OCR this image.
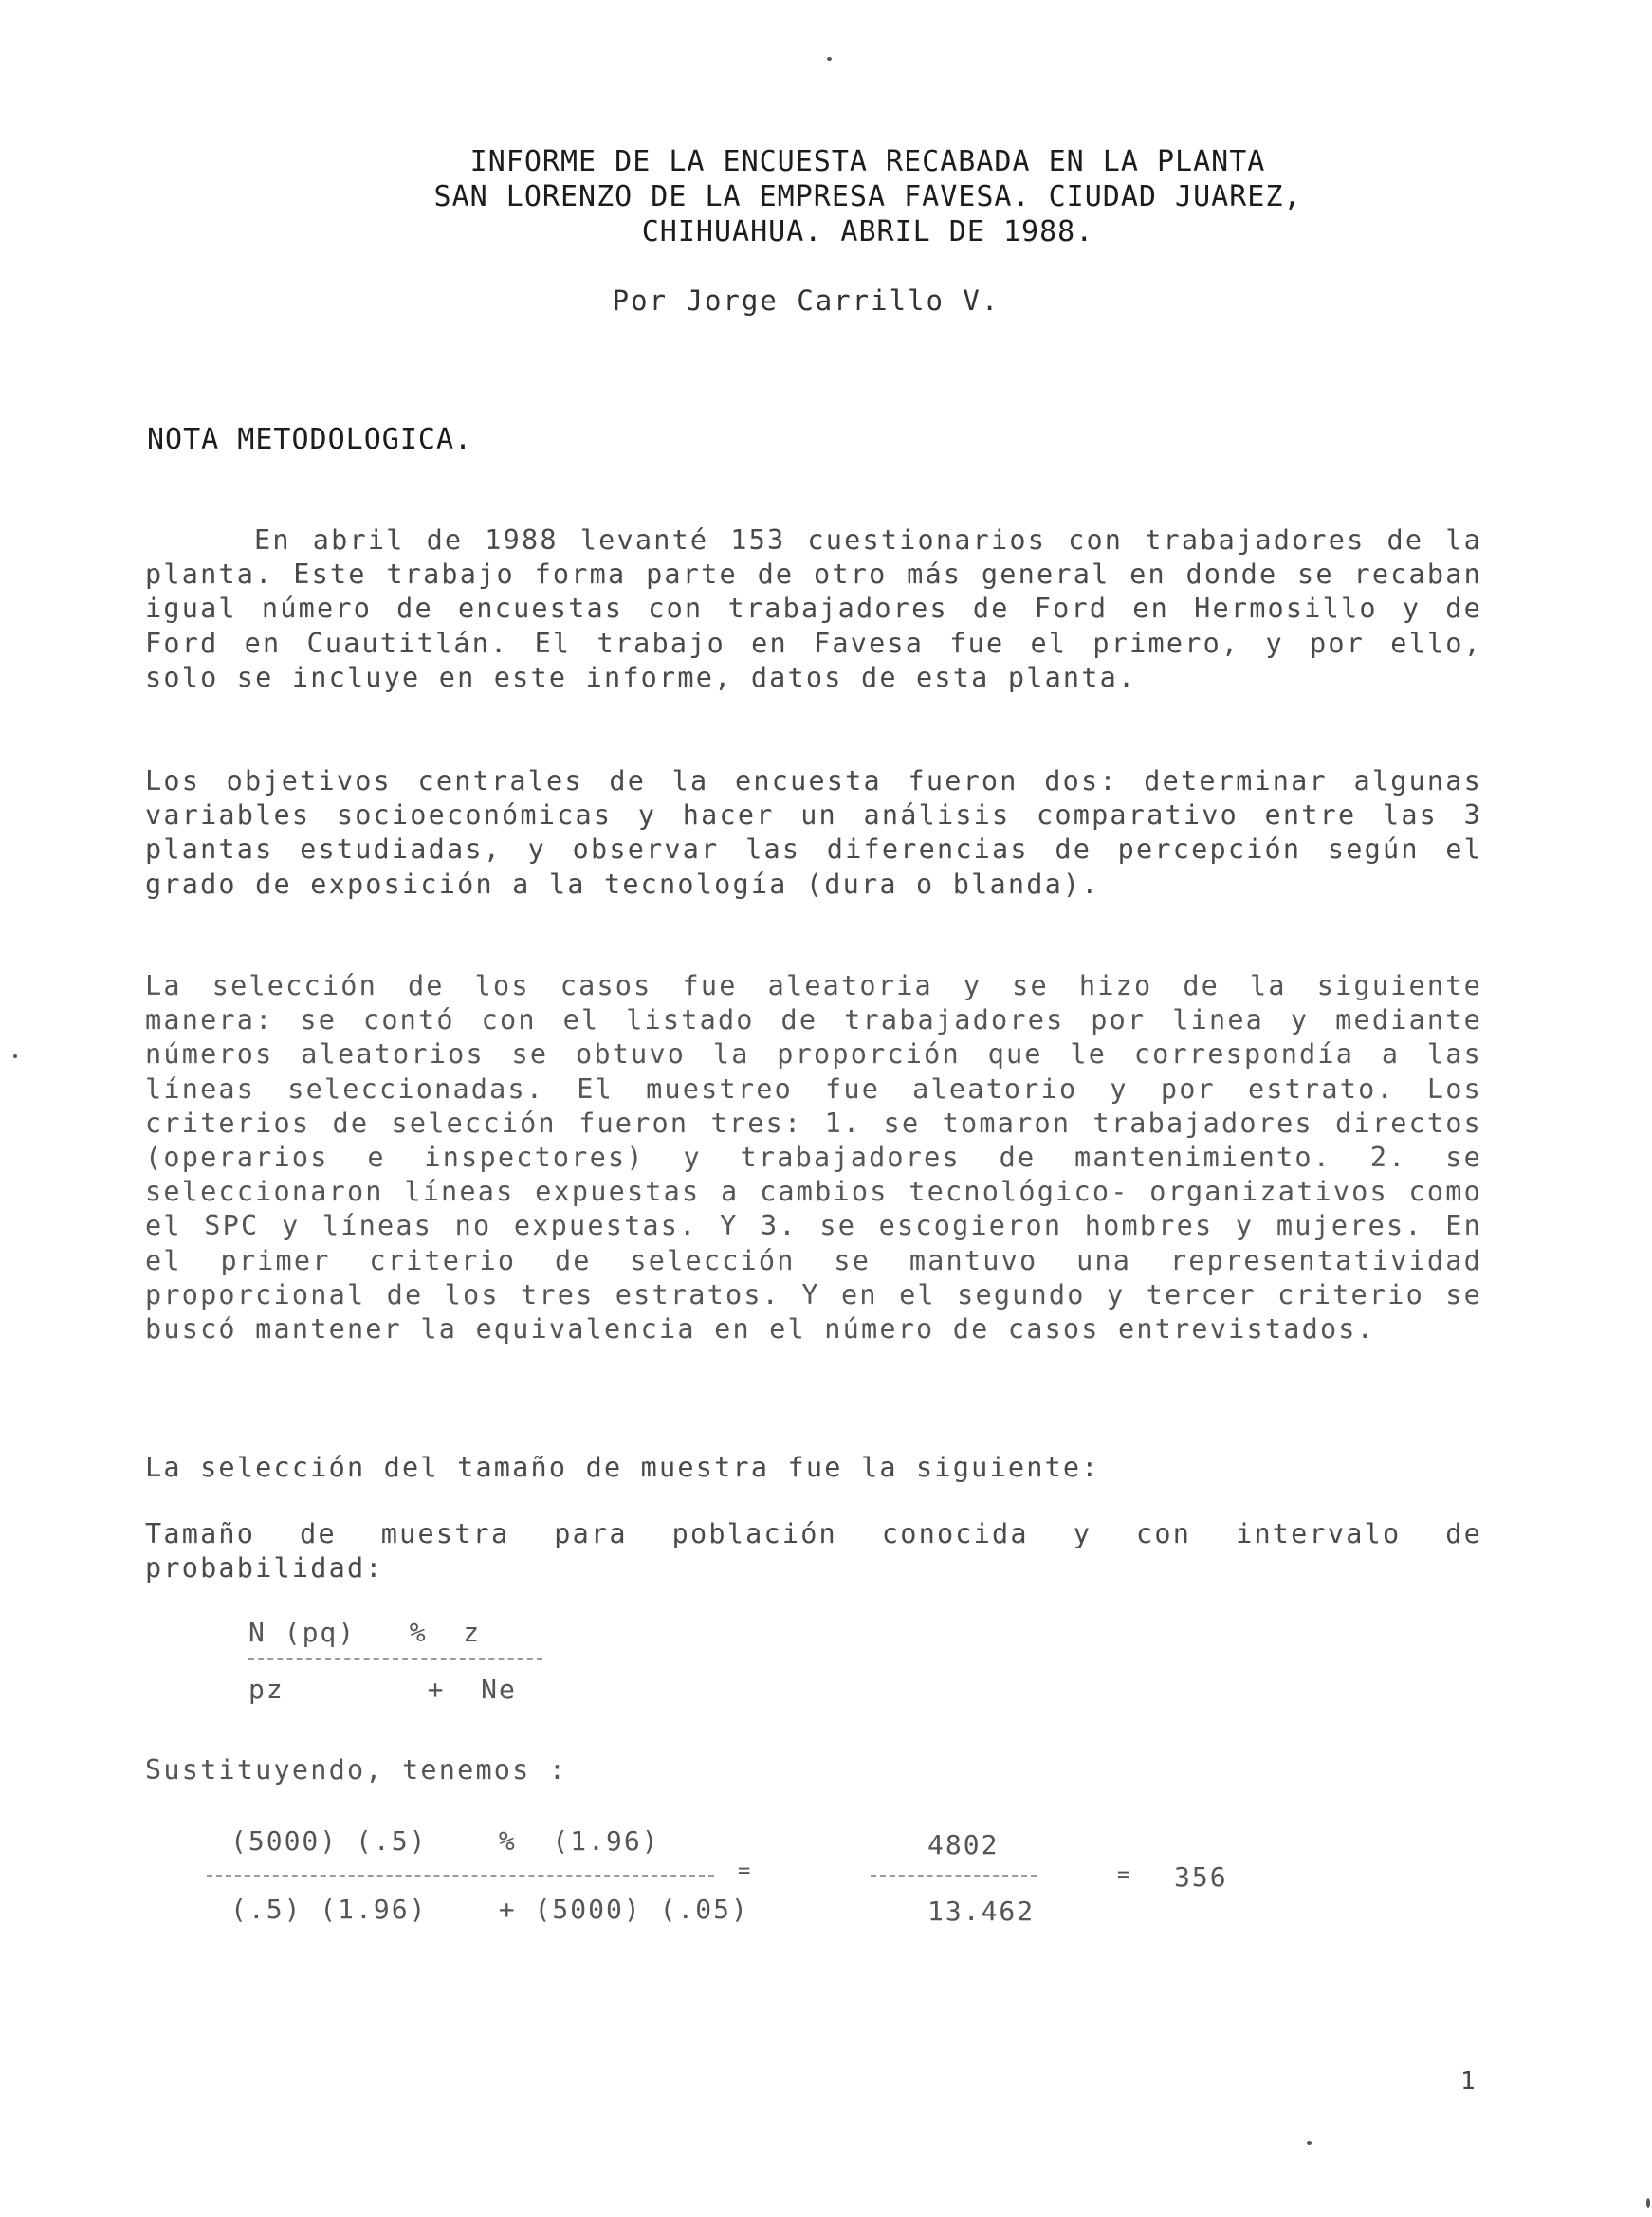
INFORME DE LA ENCUESTA RECABADA EN LA PLANTA
SAN LORENZO DE LA EMPRESA FAVESA. CIUDAD JUAREZ,
CHIHUAHUA. ABRIL DE 1988.
Por Jorge Carrillo V.
NOTA METODOLOGICA.

En abril de 1988 levanté 153 cuestionarios con trabajadores de la planta. Este trabajo forma parte de otro más general en donde se recaban igual número de encuestas con trabajadores de Ford en Hermosillo y de Ford en Cuautitlán. El trabajo en Favesa fue el primero, y por ello, solo se incluye en este informe, datos de esta planta.

Los objetivos centrales de la encuesta fueron dos: determinar algunas variables socioeconómicas y hacer un análisis comparativo entre las 3 plantas estudiadas, y observar las diferencias de percepción según el grado de exposición a la tecnología (dura o blanda).

La selección de los casos fue aleatoria y se hizo de la siguiente manera: se contó con el listado de trabajadores por linea y mediante números aleatorios se obtuvo la proporción que le correspondía a las líneas seleccionadas. El muestreo fue aleatorio y por estrato. Los criterios de selección fueron tres: 1. se tomaron trabajadores directos (operarios e inspectores) y trabajadores de mantenimiento. 2. se seleccionaron líneas expuestas a cambios tecnológico- organizativos como el SPC y líneas no expuestas. Y 3. se escogieron hombres y mujeres. En el primer criterio de selección se mantuvo una representatividad proporcional de los tres estratos. Y en el segundo y tercer criterio se buscó mantener la equivalencia en el número de casos entrevistados.

La selección del tamaño de muestra fue la siguiente:

Tamaño de muestra para población conocida y con intervalo de probabilidad:

N (pq)   %  z
pz        +  Ne
Sustituyendo, tenemos :
(5000) (.5)    %  (1.96)
=
(.5) (1.96)    + (5000) (.05)
4802
13.462
= 356
1
